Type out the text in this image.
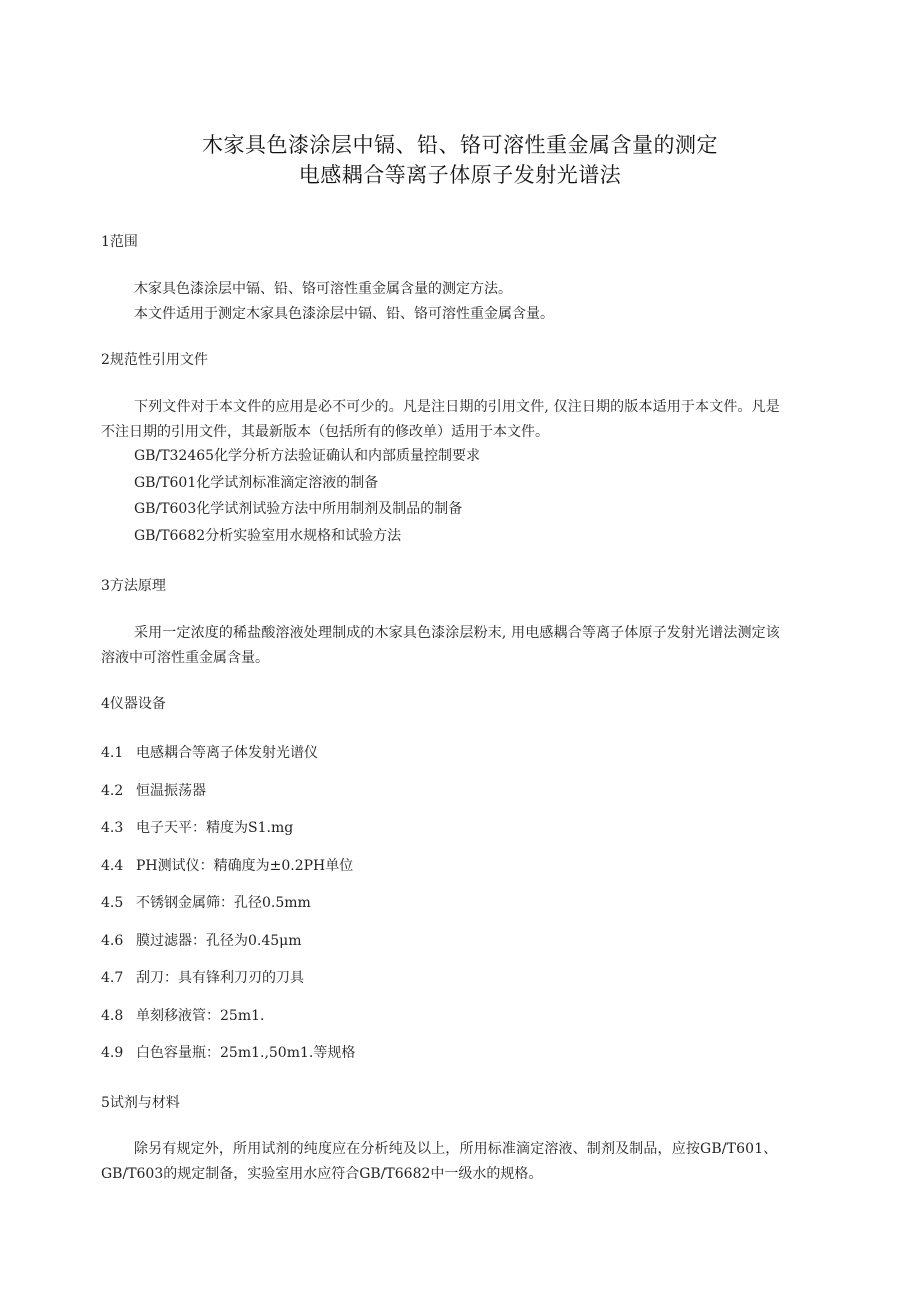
木家具色漆涂层中镉、铅、铬可溶性重金属含量的测定
电感耦合等离子体原子发射光谱法
1范围
木家具色漆涂层中镉、铅、铬可溶性重金属含量的测定方法。
本文件适用于测定木家具色漆涂层中镉、铅、铬可溶性重金属含量。
2规范性引用文件
下列文件对于本文件的应用是必不可少的。凡是注日期的引用文件, 仅注日期的版本适用于本文件。凡是
不注日期的引用文件，其最新版本（包括所有的修改单）适用于本文件。
GB/T32465化学分析方法验证确认和内部质量控制要求
GB/T601化学试剂标准滴定溶液的制备
GB/T603化学试剂试验方法中所用制剂及制品的制备
GB/T6682分析实验室用水规格和试验方法
3方法原理
采用一定浓度的稀盐酸溶液处理制成的木家具色漆涂层粉末, 用电感耦合等离子体原子发射光谱法测定该
溶液中可溶性重金属含量。
4仪器设备
4.1 电感耦合等离子体发射光谱仪
4.2 恒温振荡器
4.3 电子天平：精度为S1.mg
4.4 PH测试仪：精确度为±0.2PH单位
4.5 不锈钢金属筛：孔径0.5mm
4.6 膜过滤器：孔径为0.45μm
4.7 刮刀：具有锋利刀刃的刀具
4.8 单刻移液管：25m1.
4.9 白色容量瓶：25m1.,50m1.等规格
5试剂与材料
除另有规定外，所用试剂的纯度应在分析纯及以上，所用标准滴定溶液、制剂及制品，应按GB/T601、
GB/T603的规定制备，实验室用水应符合GB/T6682中一级水的规格。
